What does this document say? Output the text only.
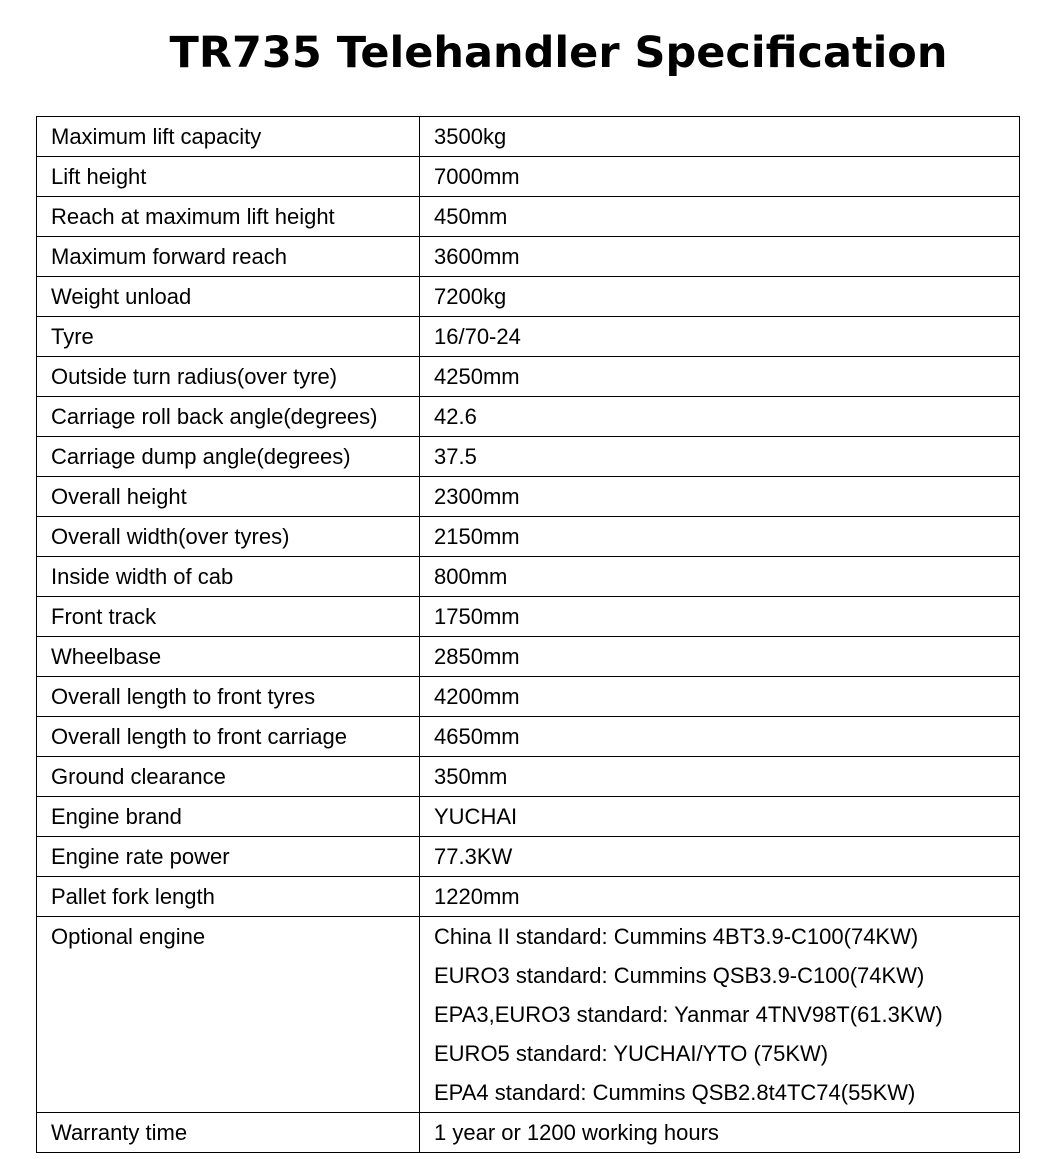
TR735 Telehandler Specification
Maximum lift capacity	3500kg
Lift height	7000mm
Reach at maximum lift height	450mm
Maximum forward reach	3600mm
Weight unload	7200kg
Tyre	16/70-24
Outside turn radius(over tyre)	4250mm
Carriage roll back angle(degrees)	42.6
Carriage dump angle(degrees)	37.5
Overall height	2300mm
Overall width(over tyres)	2150mm
Inside width of cab	800mm
Front track	1750mm
Wheelbase	2850mm
Overall length to front tyres	4200mm
Overall length to front carriage	4650mm
Ground clearance	350mm
Engine brand	YUCHAI
Engine rate power	77.3KW
Pallet fork length	1220mm

Optional engine	China II standard: Cummins 4BT3.9-C100(74KW)
EURO3 standard: Cummins QSB3.9-C100(74KW)
EPA3,EURO3 standard: Yanmar 4TNV98T(61.3KW)
EURO5 standard: YUCHAI/YTO (75KW)
EPA4 standard: Cummins QSB2.8t4TC74(55KW)

Warranty time	1 year or 1200 working hours
